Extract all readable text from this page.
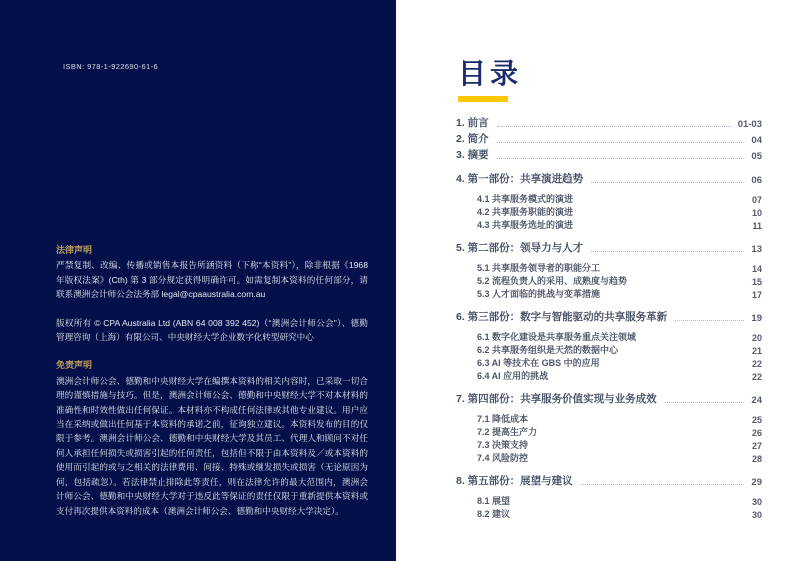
ISBN: 978-1-922690-61-6
法律声明
严禁复制、改编、传播或销售本报告所涵资料（下称“本资料”），除非根据《1968年版权法案》(Cth) 第 3 部分规定获得明确许可。如需复制本资料的任何部分，请联系澳洲会计师公会法务部 legal@cpaaustralia.com.au
版权所有 © CPA Australia Ltd (ABN 64 008 392 452)（“澳洲会计师公会”）、德勤管理咨询（上海）有限公司、中央财经大学企业数字化转型研究中心
免责声明
澳洲会计师公会、德勤和中央财经大学在编撰本资料的相关内容时，已采取一切合理的谨慎措施与技巧。但是，澳洲会计师公会、德勤和中央财经大学不对本材料的准确性和时效性做出任何保证。本材料亦不构成任何法律或其他专业建议。用户应当在采纳或做出任何基于本资料的承诺之前，征询独立建议。本资料发布的目的仅限于参考。澳洲会计师公会、德勤和中央财经大学及其员工、代理人和顾问不对任何人承担任何损失或损害引起的任何责任，包括但不限于由本资料及／或本资料的使用而引起的或与之相关的法律费用、间接、特殊或继发损失或损害（无论原因为何，包括疏忽）。若法律禁止排除此等责任，则在法律允许的最大范围内，澳洲会计师公会、德勤和中央财经大学对于违反此等保证的责任仅限于重新提供本资料或支付再次提供本资料的成本（澳洲会计师公会、德勤和中央财经大学决定）。
目录
1. 前言	01-03
2. 简介	04
3. 摘要	05
4. 第一部份：共享演进趋势	06
4.1 共享服务模式的演进	07
4.2 共享服务职能的演进	10
4.3 共享服务选址的演进	11
5. 第二部份：领导力与人才	13
5.1 共享服务领导者的职能分工	14
5.2 流程负责人的采用、成熟度与趋势	15
5.3 人才面临的挑战与变革措施	17
6. 第三部份：数字与智能驱动的共享服务革新	19
6.1 数字化建设是共享服务重点关注领域	20
6.2 共享服务组织是天然的数据中心	21
6.3 AI 等技术在 GBS 中的应用	22
6.4 AI 应用的挑战	22
7. 第四部份：共享服务价值实现与业务成效	24
7.1 降低成本	25
7.2 提高生产力	26
7.3 决策支持	27
7.4 风险防控	28
8. 第五部份：展望与建议	29
8.1 展望	30
8.2 建议	30
